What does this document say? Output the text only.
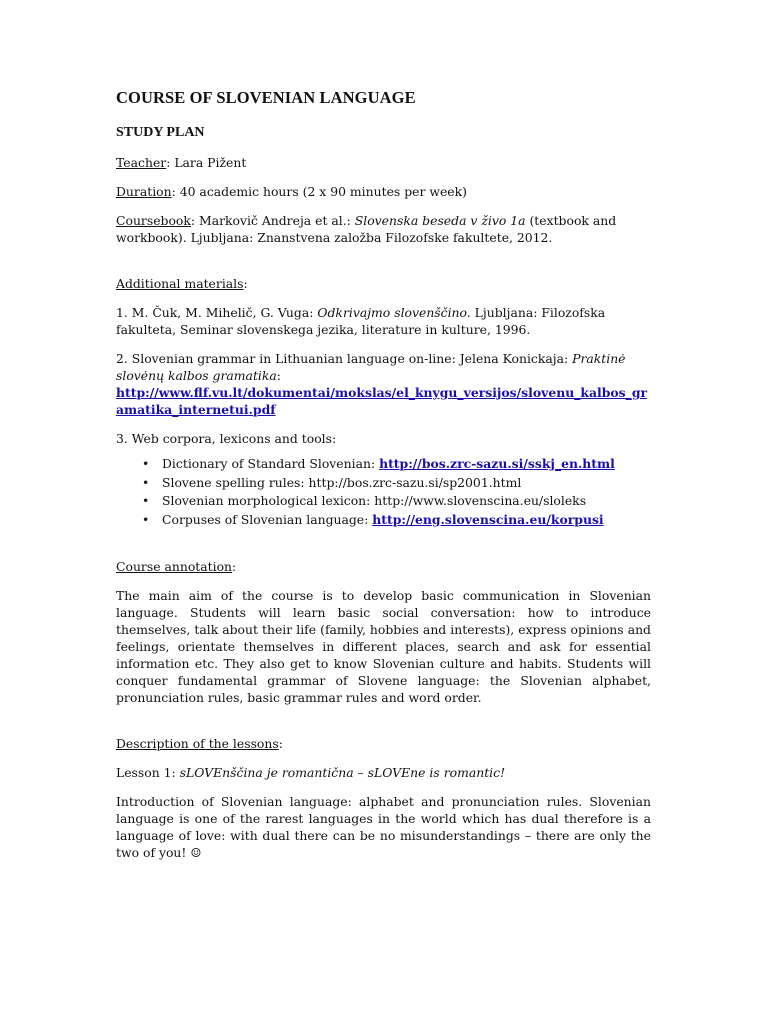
COURSE OF SLOVENIAN LANGUAGE
STUDY PLAN

Teacher: Lara Pižent

Duration: 40 academic hours (2 x 90 minutes per week)

Coursebook: Markovič Andreja et al.: Slovenska beseda v živo 1a (textbook and workbook). Ljubljana: Znanstvena založba Filozofske fakultete, 2012.

Additional materials:

1. M. Čuk, M. Mihelič, G. Vuga: Odkrivajmo slovenščino. Ljubljana: Filozofska fakulteta, Seminar slovenskega jezika, literature in kulture, 1996.

2. Slovenian grammar in Lithuanian language on-line: Jelena Konickaja: Praktinė slovėnų kalbos gramatika:
http://www.flf.vu.lt/dokumentai/mokslas/el_knygu_versijos/slovenu_kalbos_gr
amatika_internetui.pdf

3. Web corpora, lexicons and tools:

• Dictionary of Standard Slovenian: http://bos.zrc-sazu.si/sskj_en.html
• Slovene spelling rules: http://bos.zrc-sazu.si/sp2001.html
• Slovenian morphological lexicon: http://www.slovenscina.eu/sloleks
• Corpuses of Slovenian language: http://eng.slovenscina.eu/korpusi

Course annotation:

The main aim of the course is to develop basic communication in Slovenian language. Students will learn basic social conversation: how to introduce themselves, talk about their life (family, hobbies and interests), express opinions and feelings, orientate themselves in different places, search and ask for essential information etc. They also get to know Slovenian culture and habits. Students will conquer fundamental grammar of Slovene language: the Slovenian alphabet, pronunciation rules, basic grammar rules and word order.

Description of the lessons:

Lesson 1: sLOVEnščina je romantična – sLOVEne is romantic!

Introduction of Slovenian language: alphabet and pronunciation rules. Slovenian language is one of the rarest languages in the world which has dual therefore is a language of love: with dual there can be no misunderstandings – there are only the two of you! ☺
